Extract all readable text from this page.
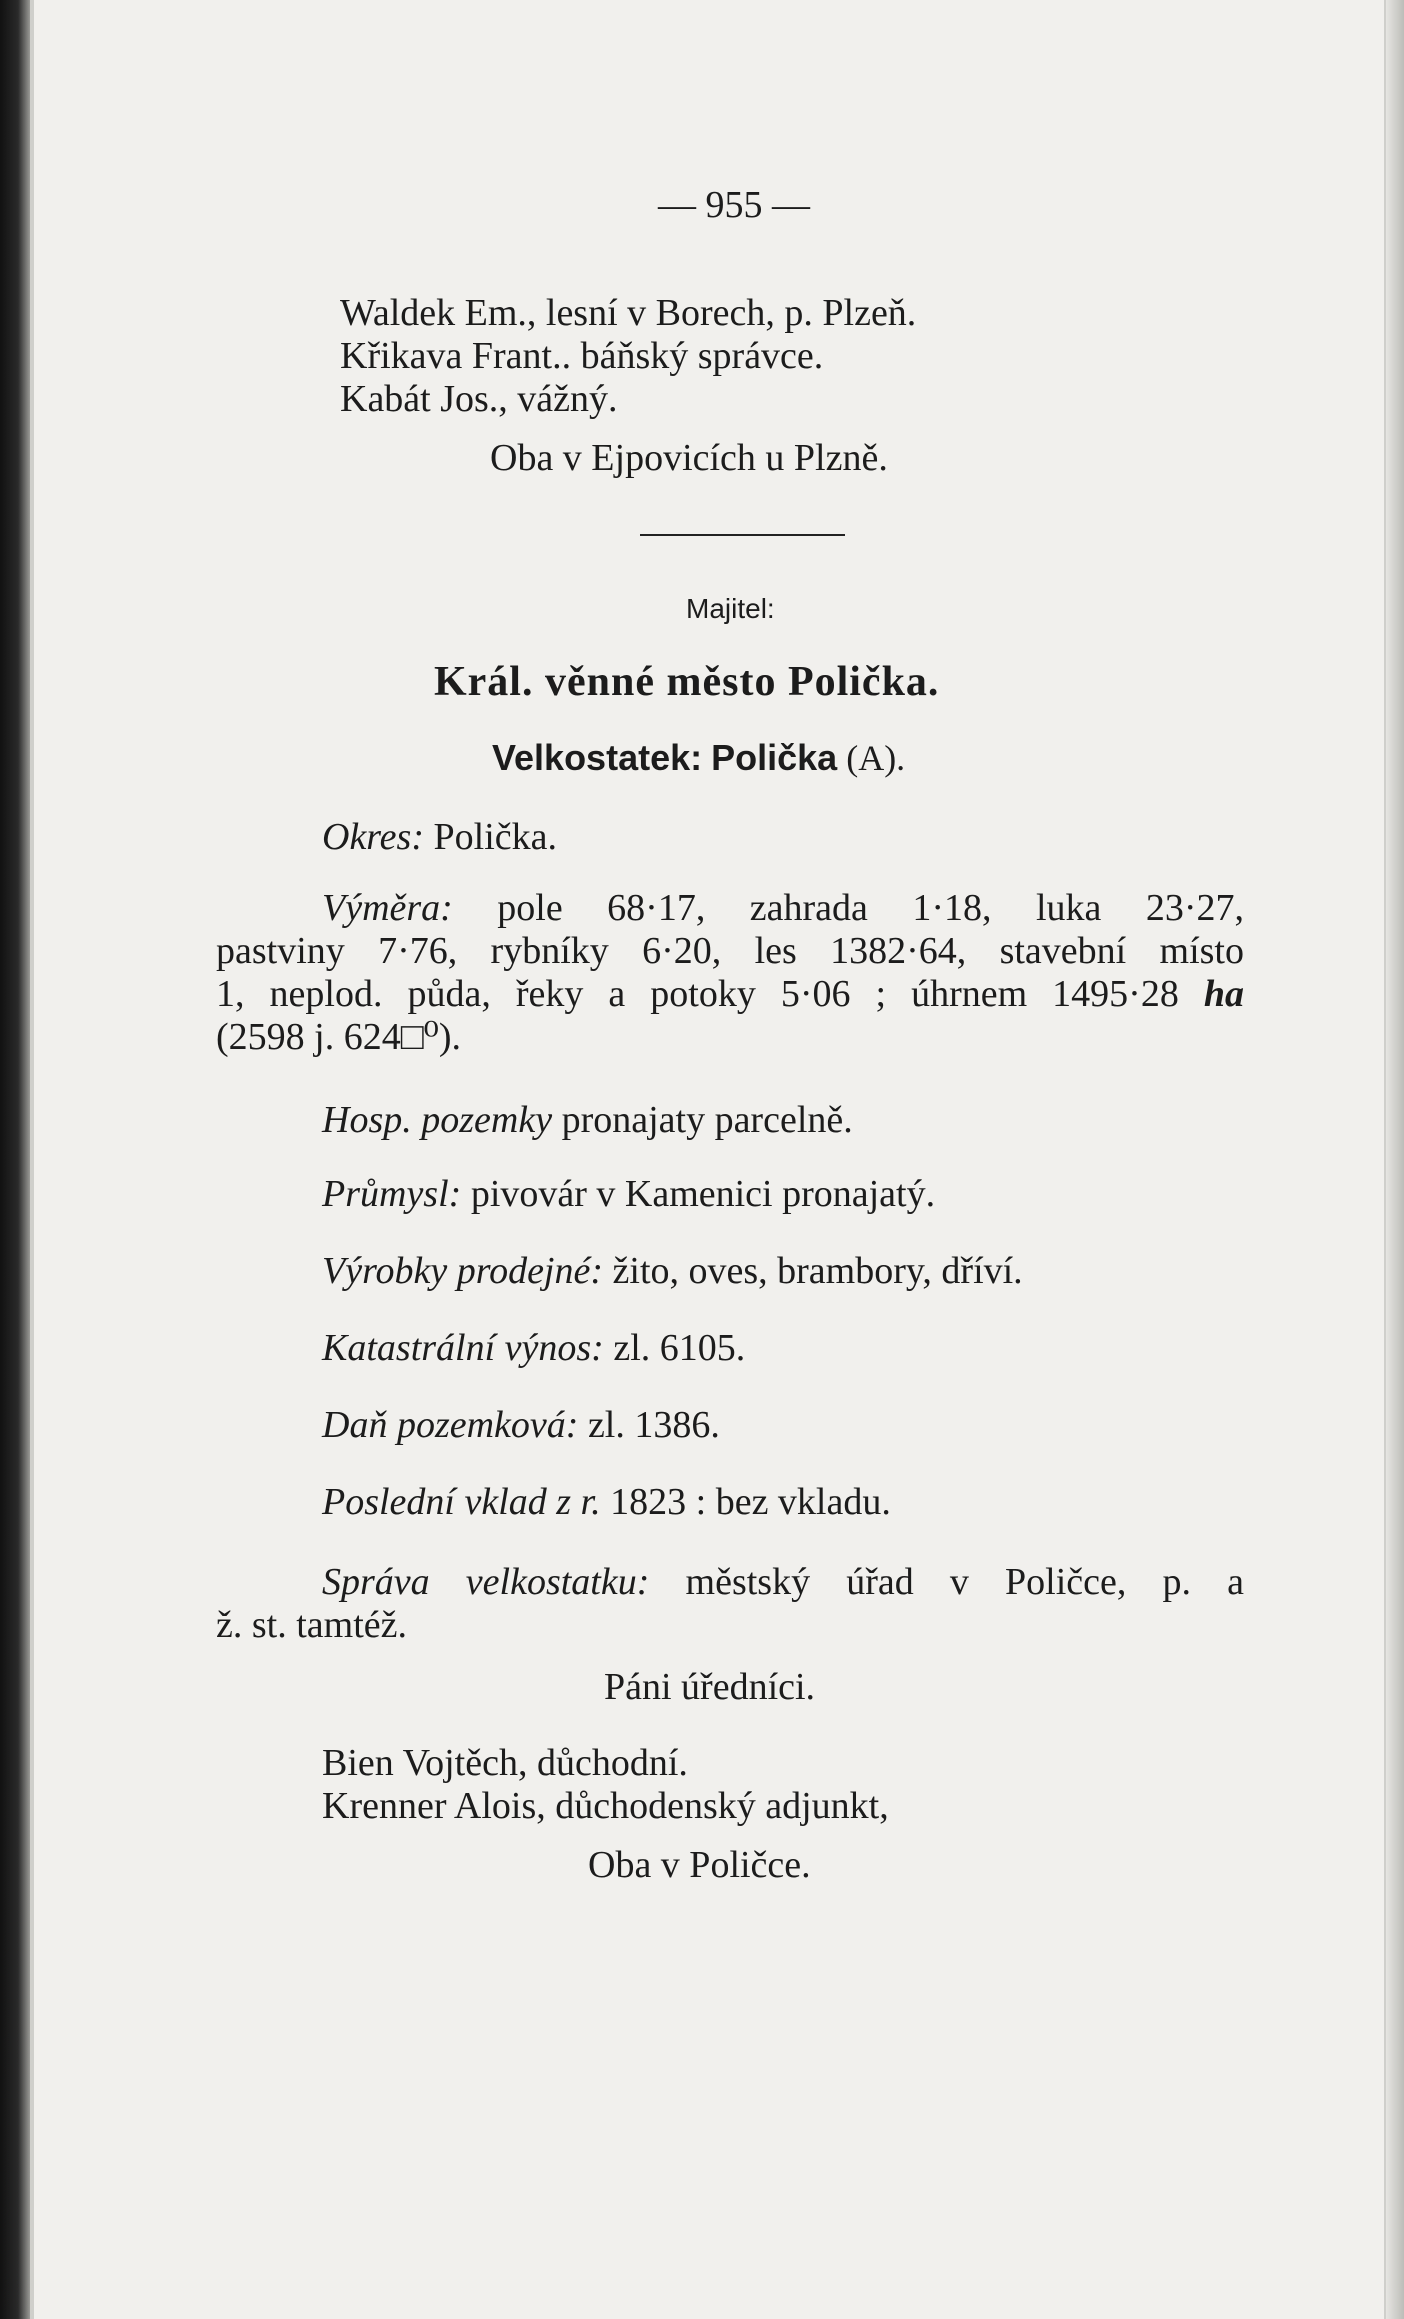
— 955 —
Waldek Em., lesní v Borech, p. Plzeň.
Křikava Frant.. báňský správce.
Kabát Jos., vážný.
Oba v Ejpovicích u Plzně.
Majitel:
Král. věnné město Polička.
Velkostatek: Polička (A).
Okres: Polička.
Výměra: pole 68·17, zahrada 1·18, luka 23·27,
pastviny 7·76, rybníky 6·20, les 1382·64, stavební místo
1, neplod. půda, řeky a potoky 5·06 ; úhrnem 1495·28 ha
(2598 j. 624□⁰).
Hosp. pozemky pronajaty parcelně.
Průmysl: pivovár v Kamenici pronajatý.
Výrobky prodejné: žito, oves, brambory, dříví.
Katastrální výnos: zl. 6105.
Daň pozemková: zl. 1386.
Poslední vklad z r. 1823 : bez vkladu.
Správa velkostatku: městský úřad v Poličce, p. a
ž. st. tamtéž.
Páni úředníci.
Bien Vojtěch, důchodní.
Krenner Alois, důchodenský adjunkt,
Oba v Poličce.
